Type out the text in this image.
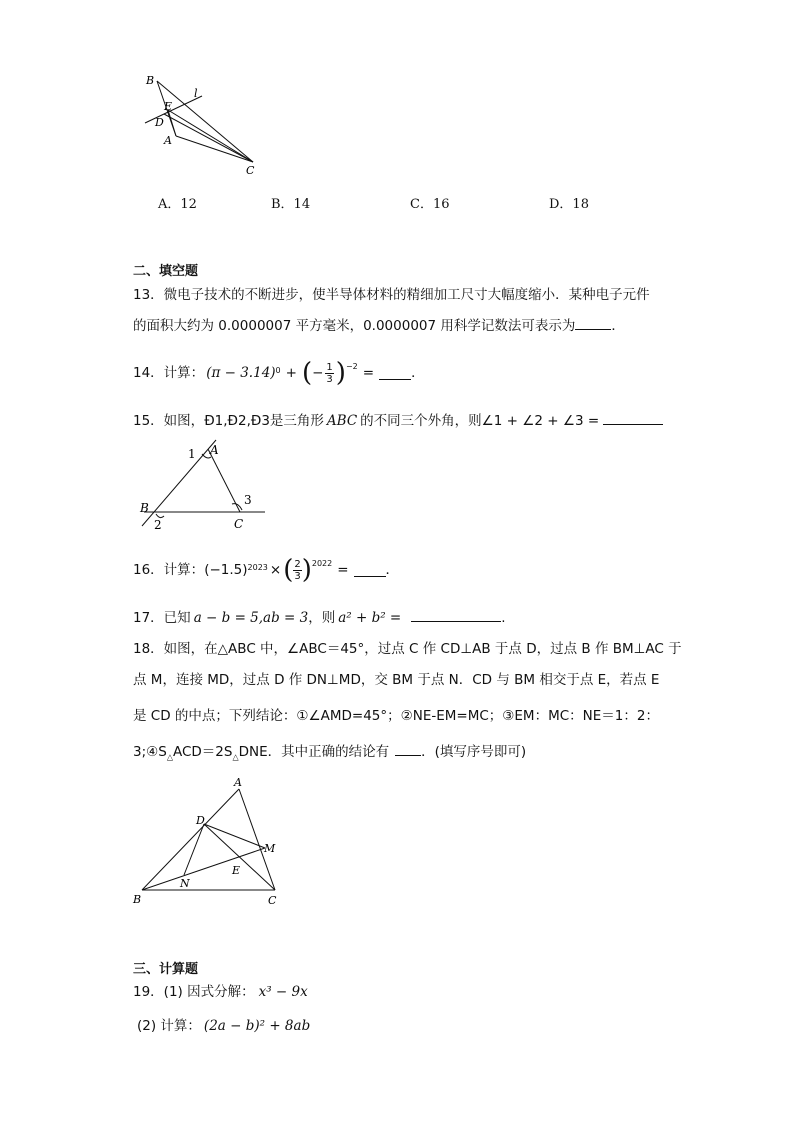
B
E
l
D
A
C
A．12	B．14	C．16	D．18
二、填空题
13．微电子技术的不断进步，使半导体材料的精细加工尺寸大幅度缩小．某种电子元件
的面积大约为 0.0000007 平方毫米，0.0000007 用科学记数法可表示为	．
14．计算： (π − 3.14) 0 + ( − $\frac{1}{3} )^{-2}$ =	．
15．如图，Ð1,Ð2,Ð3是三角形 ABC 的不同三个外角，则∠1 + ∠2 + ∠3 =
1 A
B
2	C
3
16．计算： (−1.5) 2023 × ( $\frac{2}{3} )^{2022}$ =	．
17．已知 a − b = 5,ab = 3，则 a² + b² =	.
18．如图，在△ABC 中，∠ABC＝45°，过点 C 作 CD⊥AB 于点 D，过点 B 作 BM⊥AC 于
点 M，连接 MD，过点 D 作 DN⊥MD，交 BM 于点 N．CD 与 BM 相交于点 E，若点 E
是 CD 的中点；下列结论：①∠AMD=45°；②NE-EM=MC；③EM：MC：NE＝1：2：
$3;④S_\triangle ACD=2S_\triangle DNE$．其中正确的结论有 ．(填写序号即可)
A
D
M
E
N
B	C
三、计算题
19．(1) 因式分解： x³ − 9x
(2) 计算： (2a − b)² + 8ab
